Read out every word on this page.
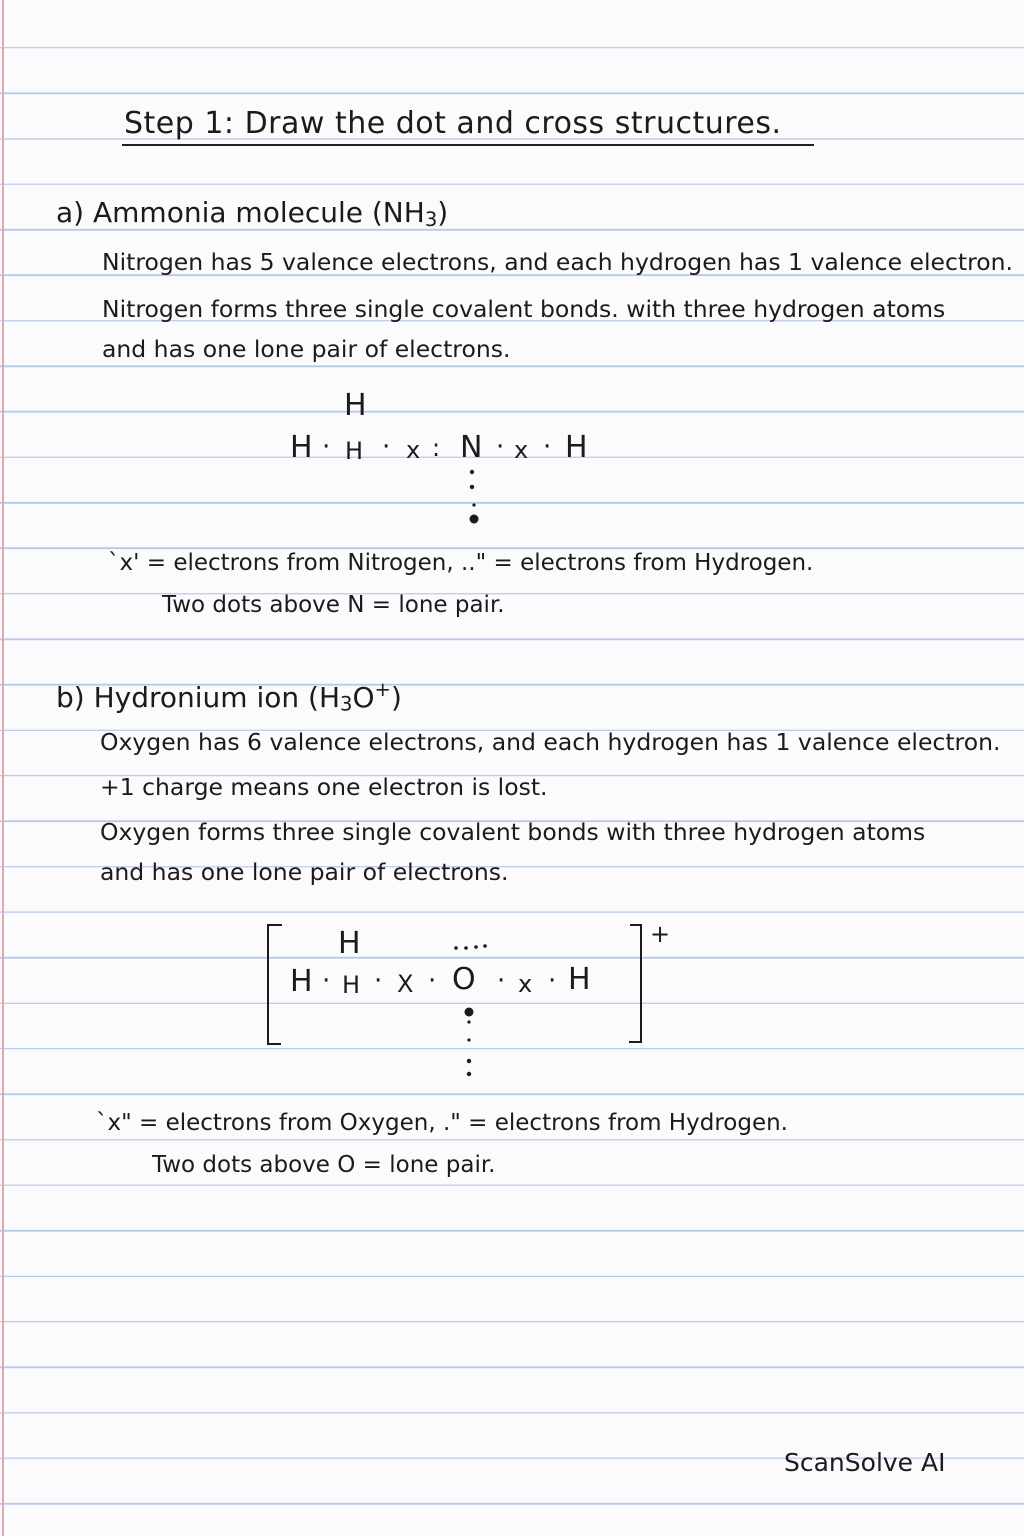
Step 1: Draw the dot and cross structures.
a) Ammonia molecule $(NH_3)$
Nitrogen has 5 valence electrons, and each hydrogen has 1 valence electron.
Nitrogen forms three single covalent bonds. with three hydrogen atoms
and has one lone pair of electrons.
H
H · H · x : N · x · H
`x' = electrons from Nitrogen, .." = electrons from Hydrogen.
Two dots above N = lone pair.
b) Hydronium ion $(H_3O^+)$
Oxygen has 6 valence electrons, and each hydrogen has 1 valence electron.
+1 charge means one electron is lost.
Oxygen forms three single covalent bonds with three hydrogen atoms
and has one lone pair of electrons.
H
H · H · X · O · x · H
+
`x" = electrons from Oxygen, ." = electrons from Hydrogen.
Two dots above O = lone pair.
ScanSolve AI
